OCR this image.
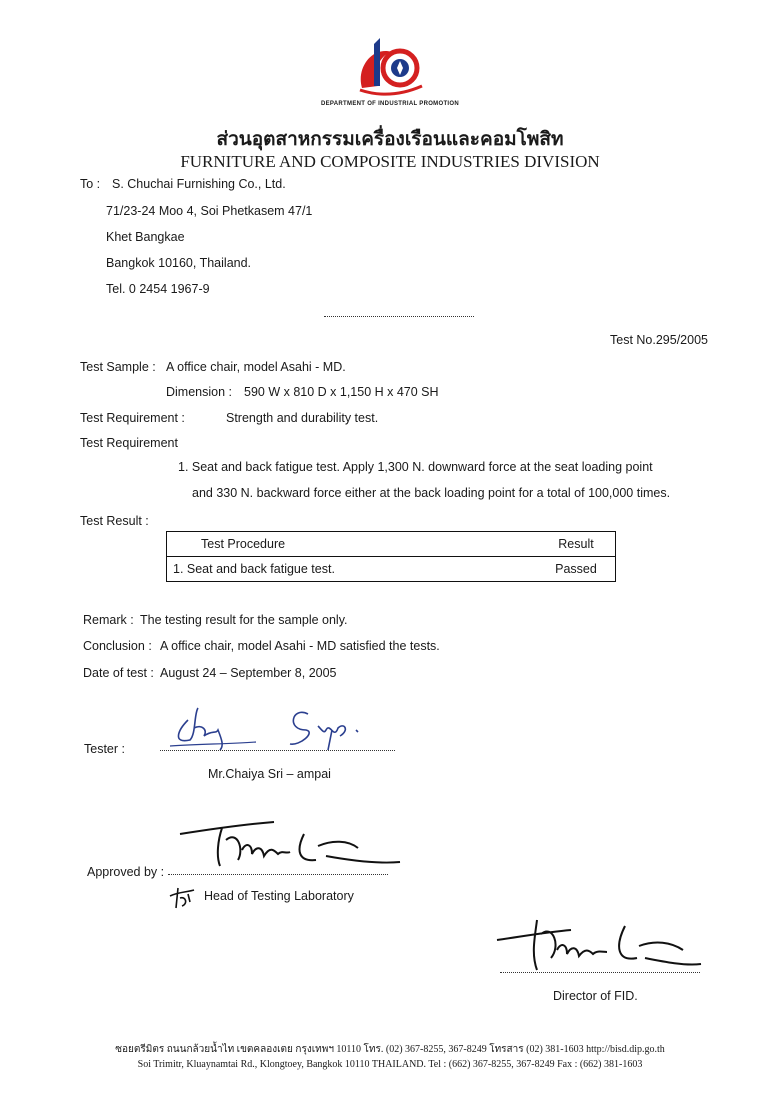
DEPARTMENT OF INDUSTRIAL PROMOTION
ส่วนอุตสาหกรรมเครื่องเรือนและคอมโพสิท
FURNITURE AND COMPOSITE INDUSTRIES DIVISION
To : S. Chuchai Furnishing Co., Ltd.
71/23-24 Moo 4, Soi Phetkasem 47/1
Khet Bangkae
Bangkok 10160, Thailand.
Tel. 0 2454 1967-9
Test No.295/2005
Test Sample : A office chair, model Asahi - MD.
Dimension : 590 W x 810 D x 1,150 H x 470 SH
Test Requirement :	Strength and durability test.
Test Requirement
1. Seat and back fatigue test. Apply 1,300 N. downward force at the seat loading point
and 330 N. backward force either at the back loading point for a total of 100,000 times.
Test Result :
Test Procedure	Result
1. Seat and back fatigue test.	Passed
Remark : The testing result for the sample only.
Conclusion : A office chair, model Asahi - MD satisfied the tests.
Date of test : August 24 – September 8, 2005
Tester :
Mr.Chaiya Sri – ampai
Approved by :
Head of Testing Laboratory
Director of FID.
ซอยตรีมิตร ถนนกล้วยน้ำไท เขตคลองเตย กรุงเทพฯ 10110 โทร. (02) 367-8255, 367-8249 โทรสาร (02) 381-1603 http://bisd.dip.go.th
Soi Trimitr, Kluaynamtai Rd., Klongtoey, Bangkok 10110 THAILAND. Tel : (662) 367-8255, 367-8249 Fax : (662) 381-1603
